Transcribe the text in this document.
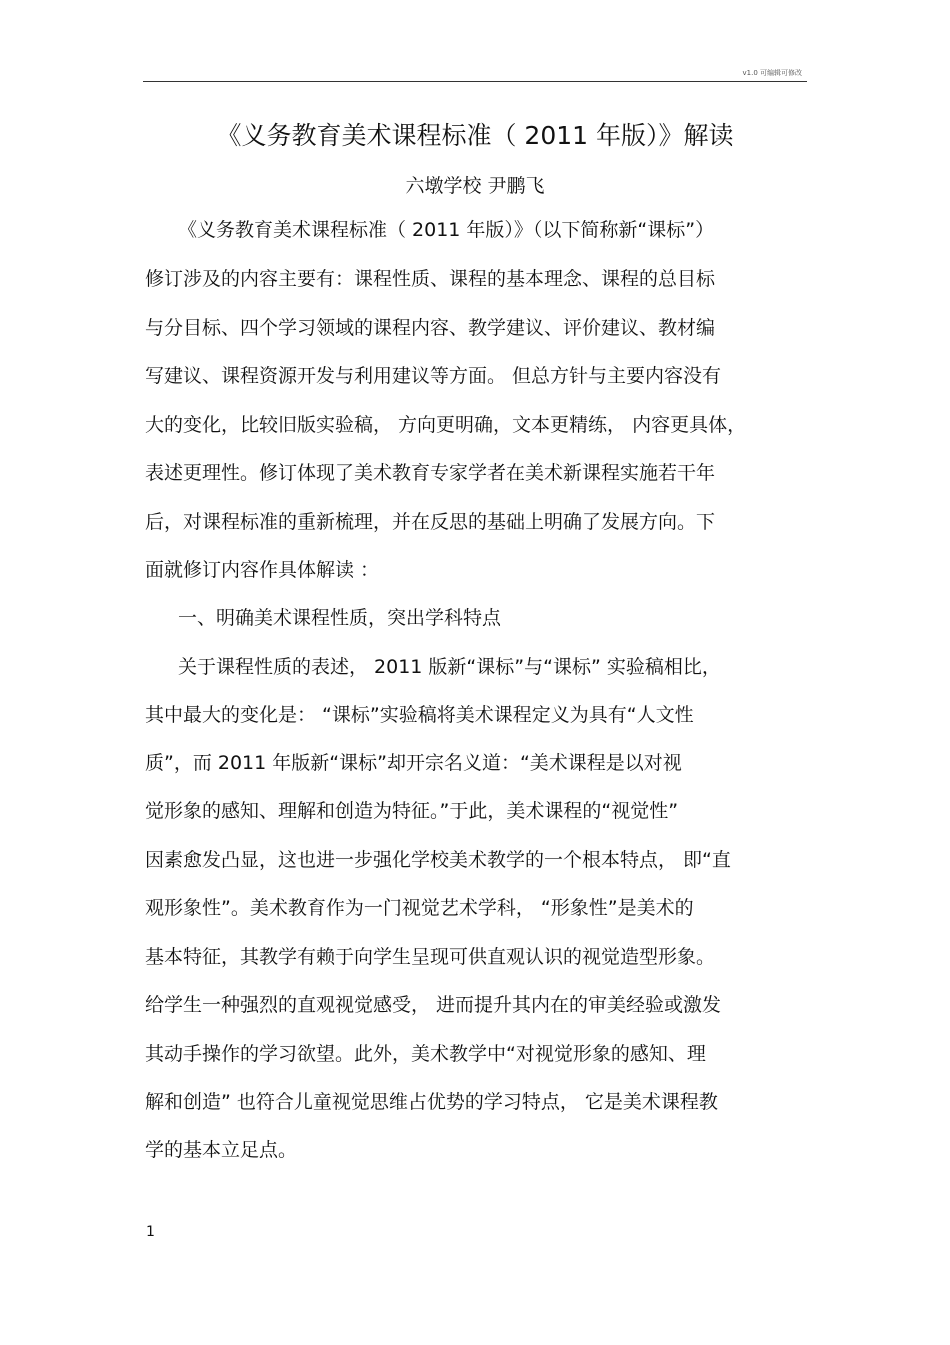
v1.0 可编辑可修改
《义务教育美术课程标准（ 2011 年版）》解读
六墩学校 尹鹏飞
《义务教育美术课程标准（ 2011 年版）》（以下简称新“课标”）
修订涉及的内容主要有：课程性质、课程的基本理念、课程的总目标
与分目标、四个学习领域的课程内容、教学建议、评价建议、教材编
写建议、课程资源开发与利用建议等方面。 但总方针与主要内容没有
大的变化，比较旧版实验稿， 方向更明确，文本更精练， 内容更具体，
表述更理性。修订体现了美术教育专家学者在美术新课程实施若干年
后，对课程标准的重新梳理，并在反思的基础上明确了发展方向。下
面就修订内容作具体解读 ：
一、明确美术课程性质，突出学科特点
关于课程性质的表述， 2011 版新“课标”与“课标” 实验稿相比，
其中最大的变化是： “课标”实验稿将美术课程定义为具有“人文性
质”，而 2011 年版新“课标”却开宗名义道：“美术课程是以对视
觉形象的感知、理解和创造为特征。”于此，美术课程的“视觉性”
因素愈发凸显，这也进一步强化学校美术教学的一个根本特点， 即“直
观形象性”。美术教育作为一门视觉艺术学科， “形象性”是美术的
基本特征，其教学有赖于向学生呈现可供直观认识的视觉造型形象。
给学生一种强烈的直观视觉感受， 进而提升其内在的审美经验或激发
其动手操作的学习欲望。此外，美术教学中“对视觉形象的感知、理
解和创造” 也符合儿童视觉思维占优势的学习特点， 它是美术课程教
学的基本立足点。
1
